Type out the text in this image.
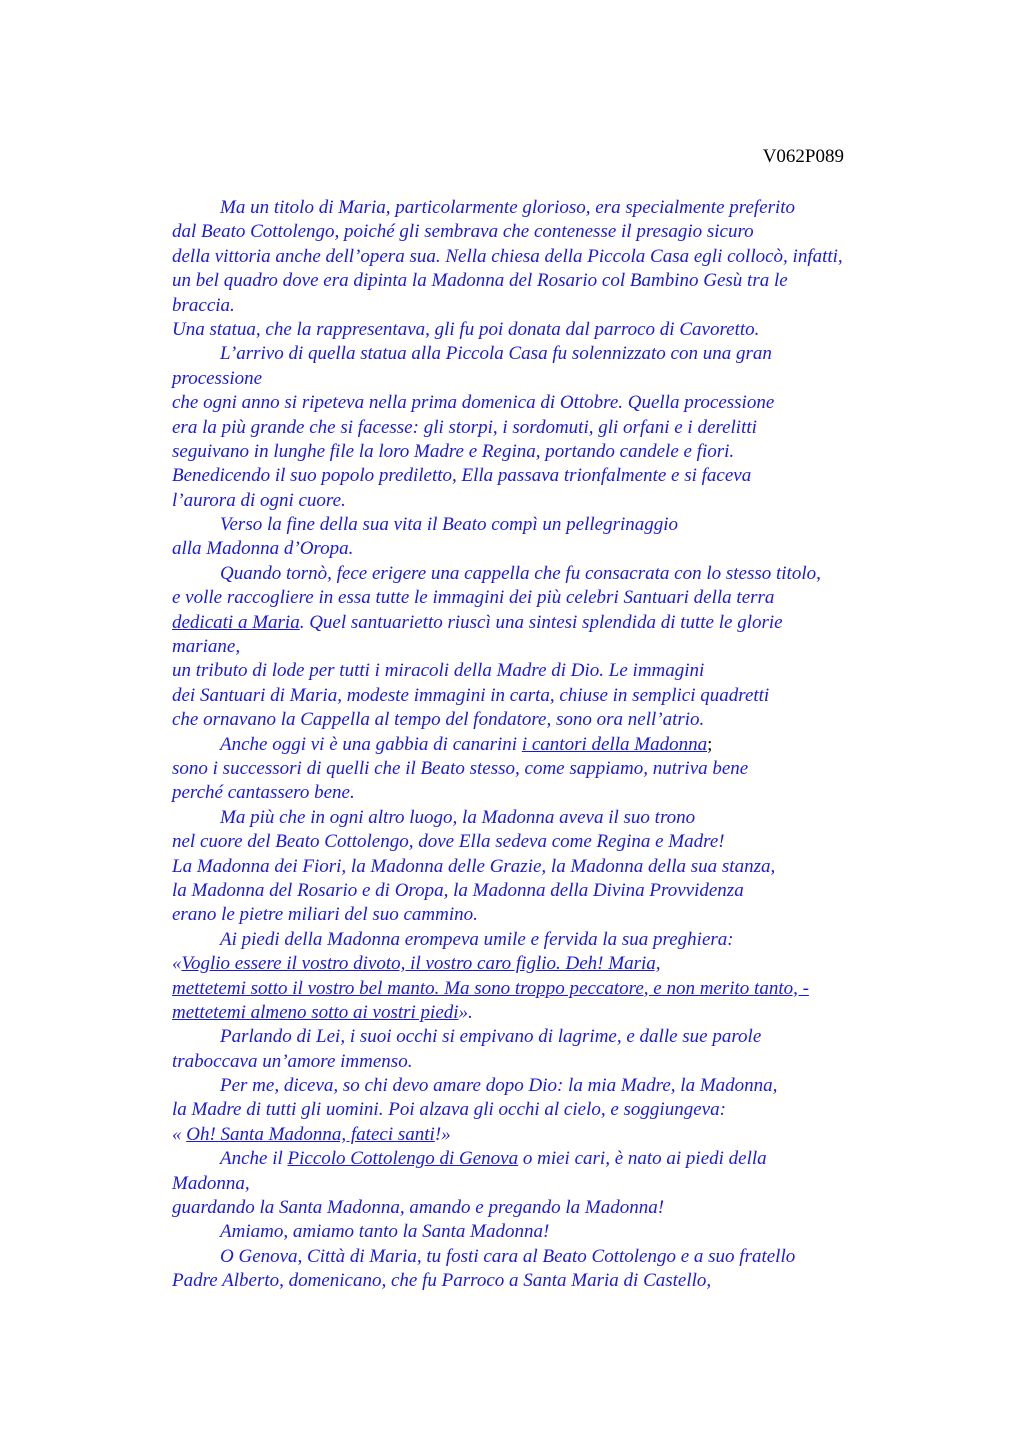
V062P089
Ma un titolo di Maria, particolarmente glorioso, era specialmente preferito
dal Beato Cottolengo, poiché gli sembrava che contenesse il presagio sicuro
della vittoria anche dell’opera sua. Nella chiesa della Piccola Casa egli collocò, infatti,
un bel quadro dove era dipinta la Madonna del Rosario col Bambino Gesù tra le
braccia.
Una statua, che la rappresentava, gli fu poi donata dal parroco di Cavoretto.
L’arrivo di quella statua alla Piccola Casa fu solennizzato con una gran
processione
che ogni anno si ripeteva nella prima domenica di Ottobre. Quella processione
era la più grande che si facesse: gli storpi, i sordomuti, gli orfani e i derelitti
seguivano in lunghe file la loro Madre e Regina, portando candele e fiori.
Benedicendo il suo popolo prediletto, Ella passava trionfalmente e si faceva
l’aurora di ogni cuore.
Verso la fine della sua vita il Beato compì un pellegrinaggio
alla Madonna d’Oropa.
Quando tornò, fece erigere una cappella che fu consacrata con lo stesso titolo,
e volle raccogliere in essa tutte le immagini dei più celebri Santuari della terra
dedicati a Maria. Quel santuarietto riuscì una sintesi splendida di tutte le glorie
mariane,
un tributo di lode per tutti i miracoli della Madre di Dio. Le immagini
dei Santuari di Maria, modeste immagini in carta, chiuse in semplici quadretti
che ornavano la Cappella al tempo del fondatore, sono ora nell’atrio.
Anche oggi vi è una gabbia di canarini i cantori della Madonna;
sono i successori di quelli che il Beato stesso, come sappiamo, nutriva bene
perché cantassero bene.
Ma più che in ogni altro luogo, la Madonna aveva il suo trono
nel cuore del Beato Cottolengo, dove Ella sedeva come Regina e Madre!
La Madonna dei Fiori, la Madonna delle Grazie, la Madonna della sua stanza,
la Madonna del Rosario e di Oropa, la Madonna della Divina Provvidenza
erano le pietre miliari del suo cammino.
Ai piedi della Madonna erompeva umile e fervida la sua preghiera:
«Voglio essere il vostro divoto, il vostro caro figlio. Deh! Maria,
mettetemi sotto il vostro bel manto. Ma sono troppo peccatore, e non merito tanto, -
mettetemi almeno sotto ai vostri piedi».
Parlando di Lei, i suoi occhi si empivano di lagrime, e dalle sue parole
traboccava un’amore immenso.
Per me, diceva, so chi devo amare dopo Dio: la mia Madre, la Madonna,
la Madre di tutti gli uomini. Poi alzava gli occhi al cielo, e soggiungeva:
« Oh! Santa Madonna, fateci santi!»
Anche il Piccolo Cottolengo di Genova o miei cari, è nato ai piedi della
Madonna,
guardando la Santa Madonna, amando e pregando la Madonna!
Amiamo, amiamo tanto la Santa Madonna!
O Genova, Città di Maria, tu fosti cara al Beato Cottolengo e a suo fratello
Padre Alberto, domenicano, che fu Parroco a Santa Maria di Castello,
